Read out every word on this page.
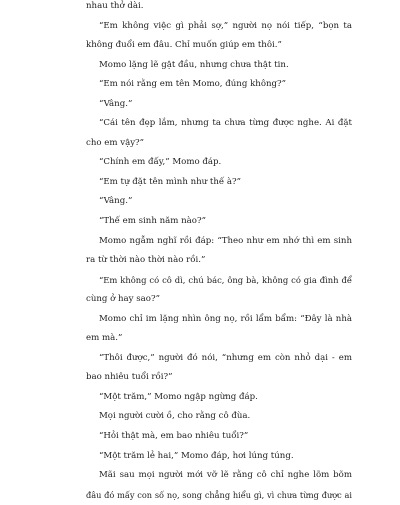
nhau thở dài.
“Em không việc gì phải sợ,” người nọ nói tiếp, “bọn ta
không đuổi em đâu. Chỉ muốn giúp em thôi.”
Momo lặng lẽ gật đầu, nhưng chưa thật tin.
“Em nói rằng em tên Momo, đúng không?”
“Vâng.”
“Cái tên đẹp lắm, nhưng ta chưa từng được nghe. Ai đặt
cho em vậy?”
“Chính em đấy,” Momo đáp.
“Em tự đặt tên mình như thế à?”
“Vâng.”
“Thế em sinh năm nào?”
Momo ngẫm nghĩ rồi đáp: “Theo như em nhớ thì em sinh
ra từ thời nào thời nào rồi.”
“Em không có cô dì, chú bác, ông bà, không có gia đình để
cùng ở hay sao?”
Momo chỉ im lặng nhìn ông nọ, rồi lẩm bẩm: “Đây là nhà
em mà.”
“Thôi được,” người đó nói, “nhưng em còn nhỏ dại - em
bao nhiêu tuổi rồi?”
“Một trăm,” Momo ngập ngừng đáp.
Mọi người cười ồ, cho rằng cô đùa.
“Hỏi thật mà, em bao nhiêu tuổi?”
“Một trăm lẻ hai,” Momo đáp, hơi lúng túng.
Mãi sau mọi người mới vỡ lẽ rằng cô chỉ nghe lõm bõm
đâu đó mấy con số nọ, song chẳng hiểu gì, vì chưa từng được ai
